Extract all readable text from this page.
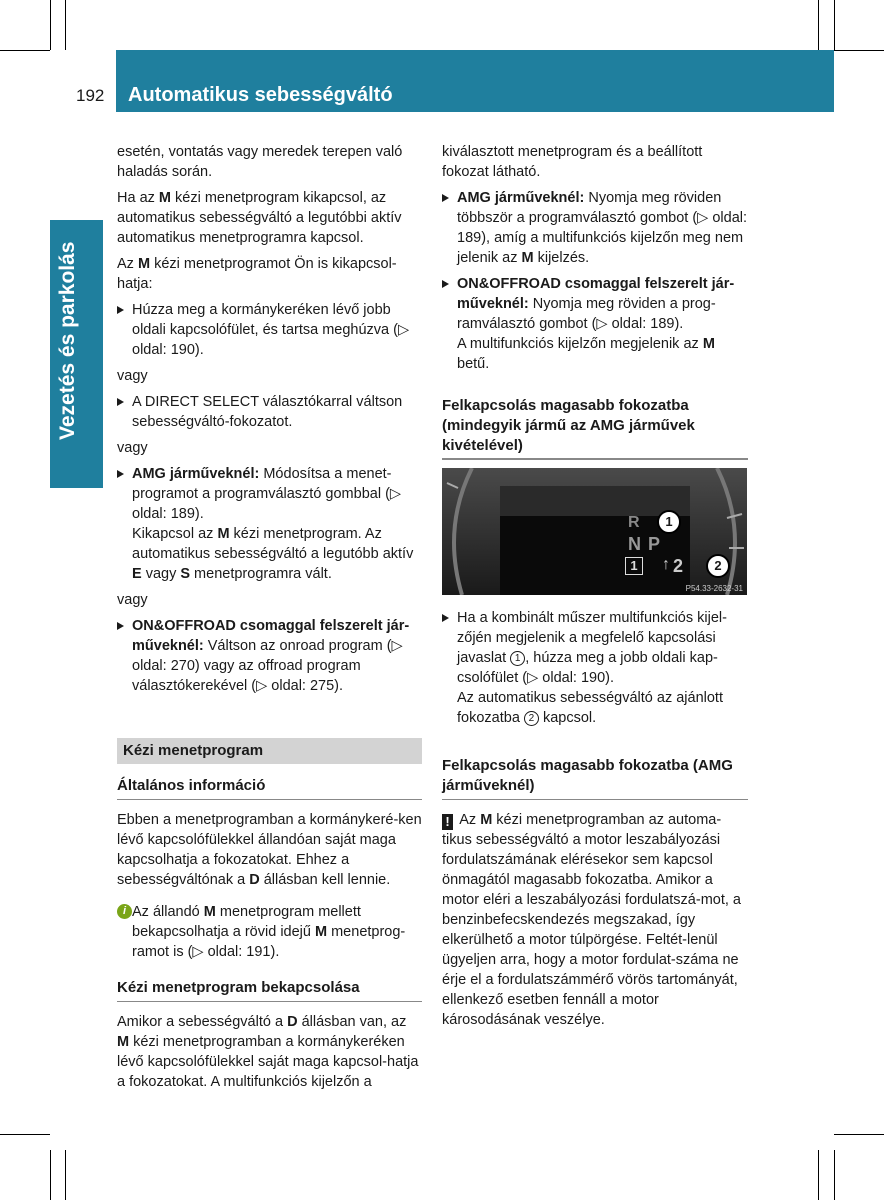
192 Automatikus sebességváltó
Vezetés és parkolás

esetén, vontatás vagy meredek terepen való haladás során.

Ha az M kézi menetprogram kikapcsol, az automatikus sebességváltó a legutóbbi aktív automatikus menetprogramra kapcsol.

Az M kézi menetprogramot Ön is kikapcsol-hatja:

Húzza meg a kormánykeréken lévő jobb oldali kapcsolófület, és tartsa meghúzva (▷ oldal: 190).

vagy

A DIRECT SELECT választókarral váltson sebességváltó-fokozatot.

vagy

AMG járműveknél: Módosítsa a menet-programot a programválasztó gombbal (▷ oldal: 189).
Kikapcsol az M kézi menetprogram. Az automatikus sebességváltó a legutóbb aktív E vagy S menetprogramra vált.

vagy

ON&OFFROAD csomaggal felszerelt jár-műveknél: Váltson az onroad program (▷ oldal: 270) vagy az offroad program választókerekével (▷ oldal: 275).
Kézi menetprogram
Általános információ

Ebben a menetprogramban a kormánykeré-ken lévő kapcsolófülekkel állandóan saját maga kapcsolhatja a fokozatokat. Ehhez a sebességváltónak a D állásban kell lennie.

i Az állandó M menetprogram mellett bekapcsolhatja a rövid idejű M menetprog-ramot is (▷ oldal: 191).
Kézi menetprogram bekapcsolása

Amikor a sebességváltó a D állásban van, az M kézi menetprogramban a kormánykeréken lévő kapcsolófülekkel saját maga kapcsol-hatja a fokozatokat. A multifunkciós kijelzőn a

kiválasztott menetprogram és a beállított fokozat látható.

AMG járműveknél: Nyomja meg röviden többször a programválasztó gombot (▷ oldal: 189), amíg a multifunkciós kijelzőn meg nem jelenik az M kijelzés.
ON&OFFROAD csomaggal felszerelt jár-műveknél: Nyomja meg röviden a prog-ramválasztó gombot (▷ oldal: 189).
A multifunkciós kijelzőn megjelenik az M betű.
Felkapcsolás magasabb fokozatba (mindegyik jármű az AMG járművek kivételével)
R
N P
2
↑
1
1
2
P54.33-2632-31
Ha a kombinált műszer multifunkciós kijel-zőjén megjelenik a megfelelő kapcsolási javaslat 1 , húzza meg a jobb oldali kap-csolófület (▷ oldal: 190).
Az automatikus sebességváltó az ajánlott fokozatba 2 kapcsol.
Felkapcsolás magasabb fokozatba (AMG járműveknél)
! Az M kézi menetprogramban az automa-tikus sebességváltó a motor leszabályozási fordulatszámának elérésekor sem kapcsol önmagától magasabb fokozatba. Amikor a motor eléri a leszabályozási fordulatszá-mot, a benzinbefecskendezés megszakad, így elkerülhető a motor túlpörgése. Feltét-lenül ügyeljen arra, hogy a motor fordulat-száma ne érje el a fordulatszámmérő vörös tartományát, ellenkező esetben fennáll a motor károsodásának veszélye.
